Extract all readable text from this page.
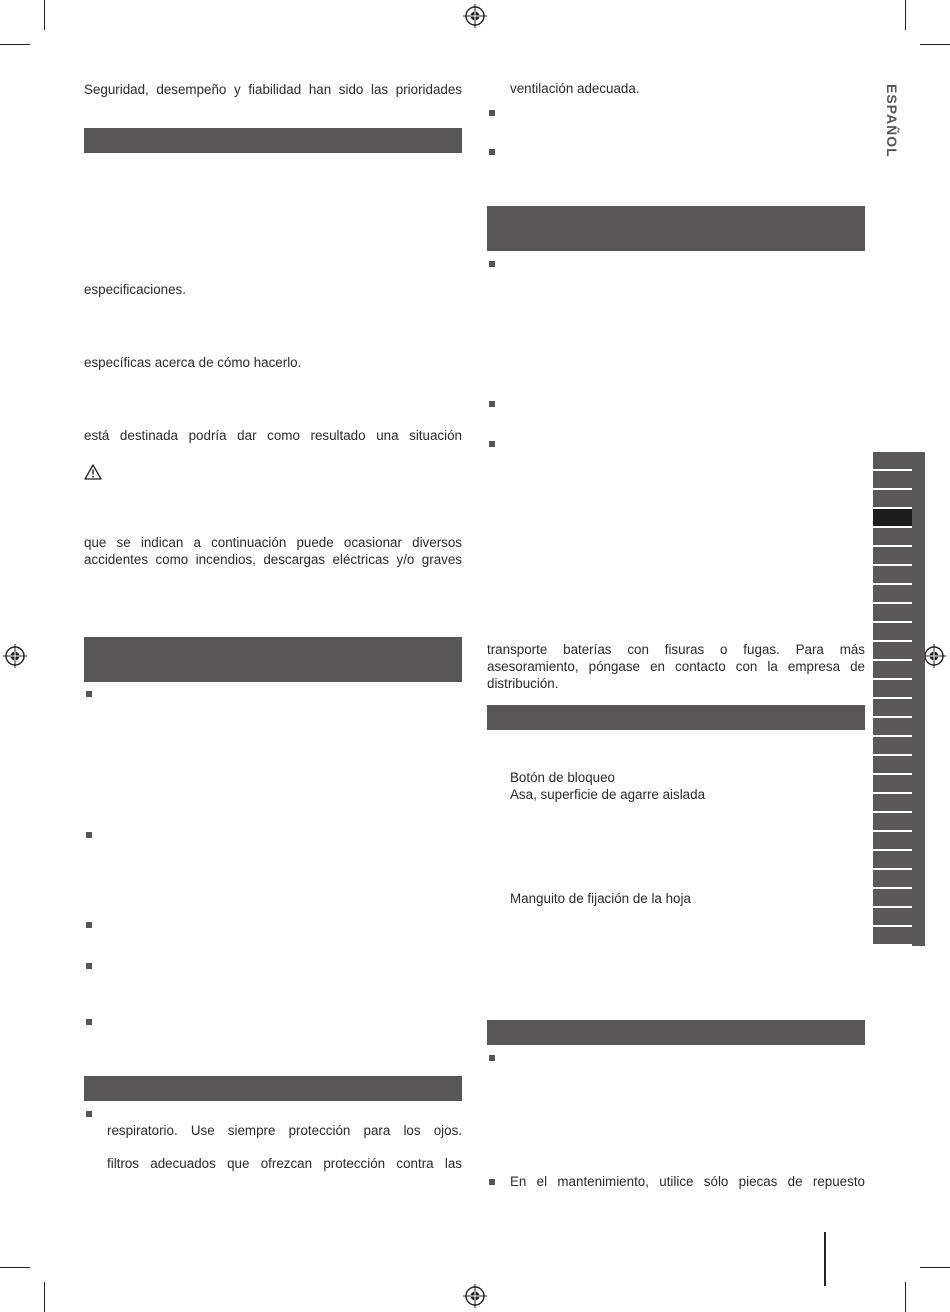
ESPAÑOL
Seguridad, desempeño y fiabilidad han sido las prioridades
especificaciones.
específicas acerca de cómo hacerlo.
está destinada podría dar como resultado una situación
que se indican a continuación puede ocasionar diversos
accidentes como incendios, descargas eléctricas y/o graves
respiratorio. Use siempre protección para los ojos.
filtros adecuados que ofrezcan protección contra las
ventilación adecuada.
transporte baterías con fisuras o fugas. Para más
asesoramiento, póngase en contacto con la empresa de
distribución.
Botón de bloqueo
Asa, superficie de agarre aislada
Manguito de fijación de la hoja
En el mantenimiento, utilice sólo piecas de repuesto
